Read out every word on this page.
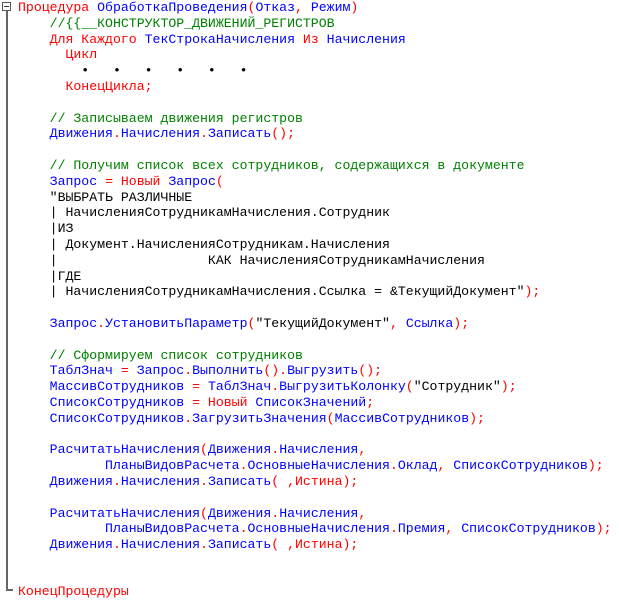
Процедура ОбработкаПроведения(Отказ, Режим)
//{{__КОНСТРУКТОР_ДВИЖЕНИЙ_РЕГИСТРОВ
Для Каждого ТекСтрокаНачисления Из Начисления
Цикл
•   •   •   •   •   •
КонецЦикла;

// Записываем движения регистров
Движения.Начисления.Записать();

// Получим список всех сотрудников, содержащихся в документе
Запрос = Новый Запрос(
"ВЫБРАТЬ РАЗЛИЧНЫЕ
| НачисленияСотрудникамНачисления.Сотрудник
|ИЗ
| Документ.НачисленияСотрудникам.Начисления
|                   КАК НачисленияСотрудникамНачисления
|ГДЕ
| НачисленияСотрудникамНачисления.Ссылка = &ТекущийДокумент");

Запрос.УстановитьПараметр("ТекущийДокумент", Ссылка);

// Сформируем список сотрудников
ТаблЗнач = Запрос.Выполнить().Выгрузить();
МассивСотрудников = ТаблЗнач.ВыгрузитьКолонку("Сотрудник");
СписокСотрудников = Новый СписокЗначений;
СписокСотрудников.ЗагрузитьЗначения(МассивСотрудников);

РасчитатьНачисления(Движения.Начисления,
ПланыВидовРасчета.ОсновныеНачисления.Оклад, СписокСотрудников);
Движения.Начисления.Записать( ,Истина);

РасчитатьНачисления(Движения.Начисления,
ПланыВидовРасчета.ОсновныеНачисления.Премия, СписокСотрудников);
Движения.Начисления.Записать( ,Истина);

КонецПроцедуры
